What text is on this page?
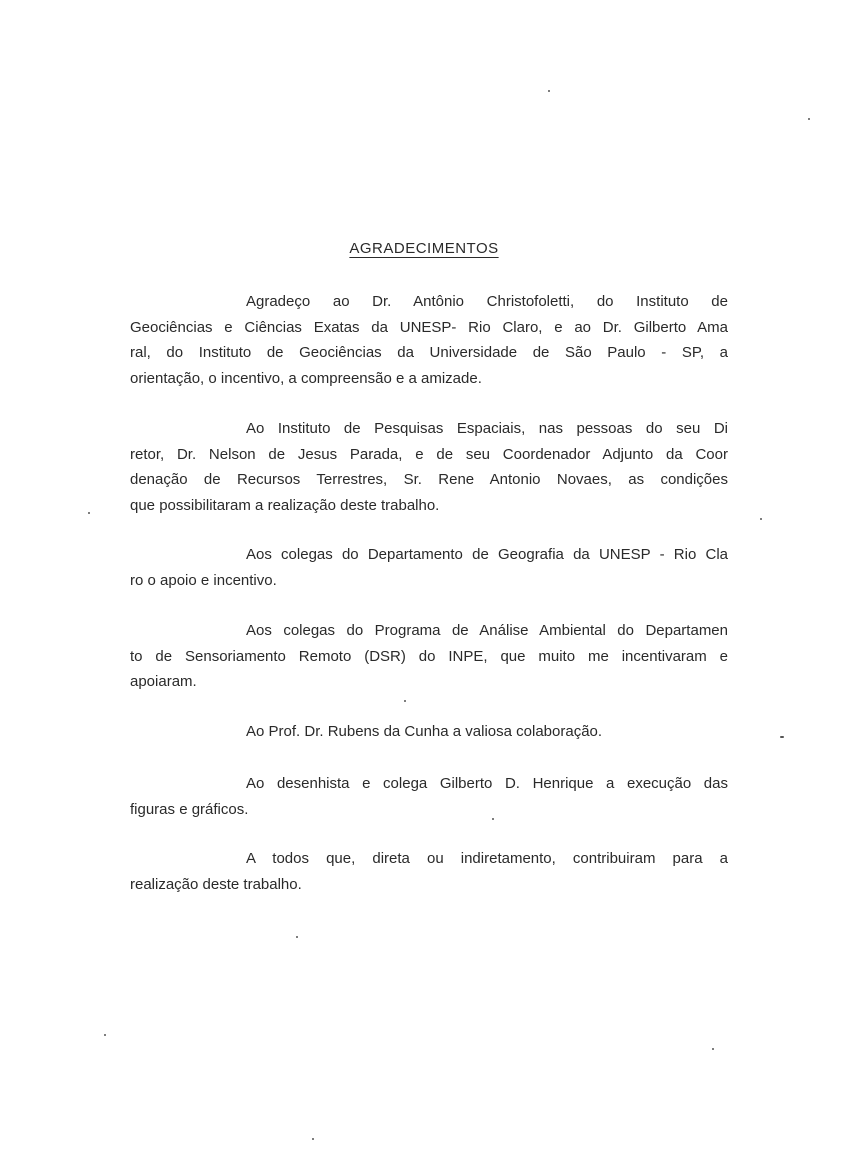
AGRADECIMENTOS
Agradeço ao Dr. Antônio Christofoletti, do Instituto de
Geociências e Ciências Exatas da UNESP- Rio Claro, e ao Dr. Gilberto Ama
ral, do Instituto de Geociências da Universidade de São Paulo - SP, a
orientação, o incentivo, a compreensão e a amizade.
Ao Instituto de Pesquisas Espaciais, nas pessoas do seu Di
retor, Dr. Nelson de Jesus Parada, e de seu Coordenador Adjunto da Coor
denação de Recursos Terrestres, Sr. Rene Antonio Novaes, as condições
que possibilitaram a realização deste trabalho.
Aos colegas do Departamento de Geografia da UNESP - Rio Cla
ro o apoio e incentivo.
Aos colegas do Programa de Análise Ambiental do Departamen
to de Sensoriamento Remoto (DSR) do INPE, que muito me incentivaram e
apoiaram.
Ao Prof. Dr. Rubens da Cunha a valiosa colaboração.
Ao desenhista e colega Gilberto D. Henrique a execução das
figuras e gráficos.
A todos que, direta ou indiretamento, contribuiram para a
realização deste trabalho.
